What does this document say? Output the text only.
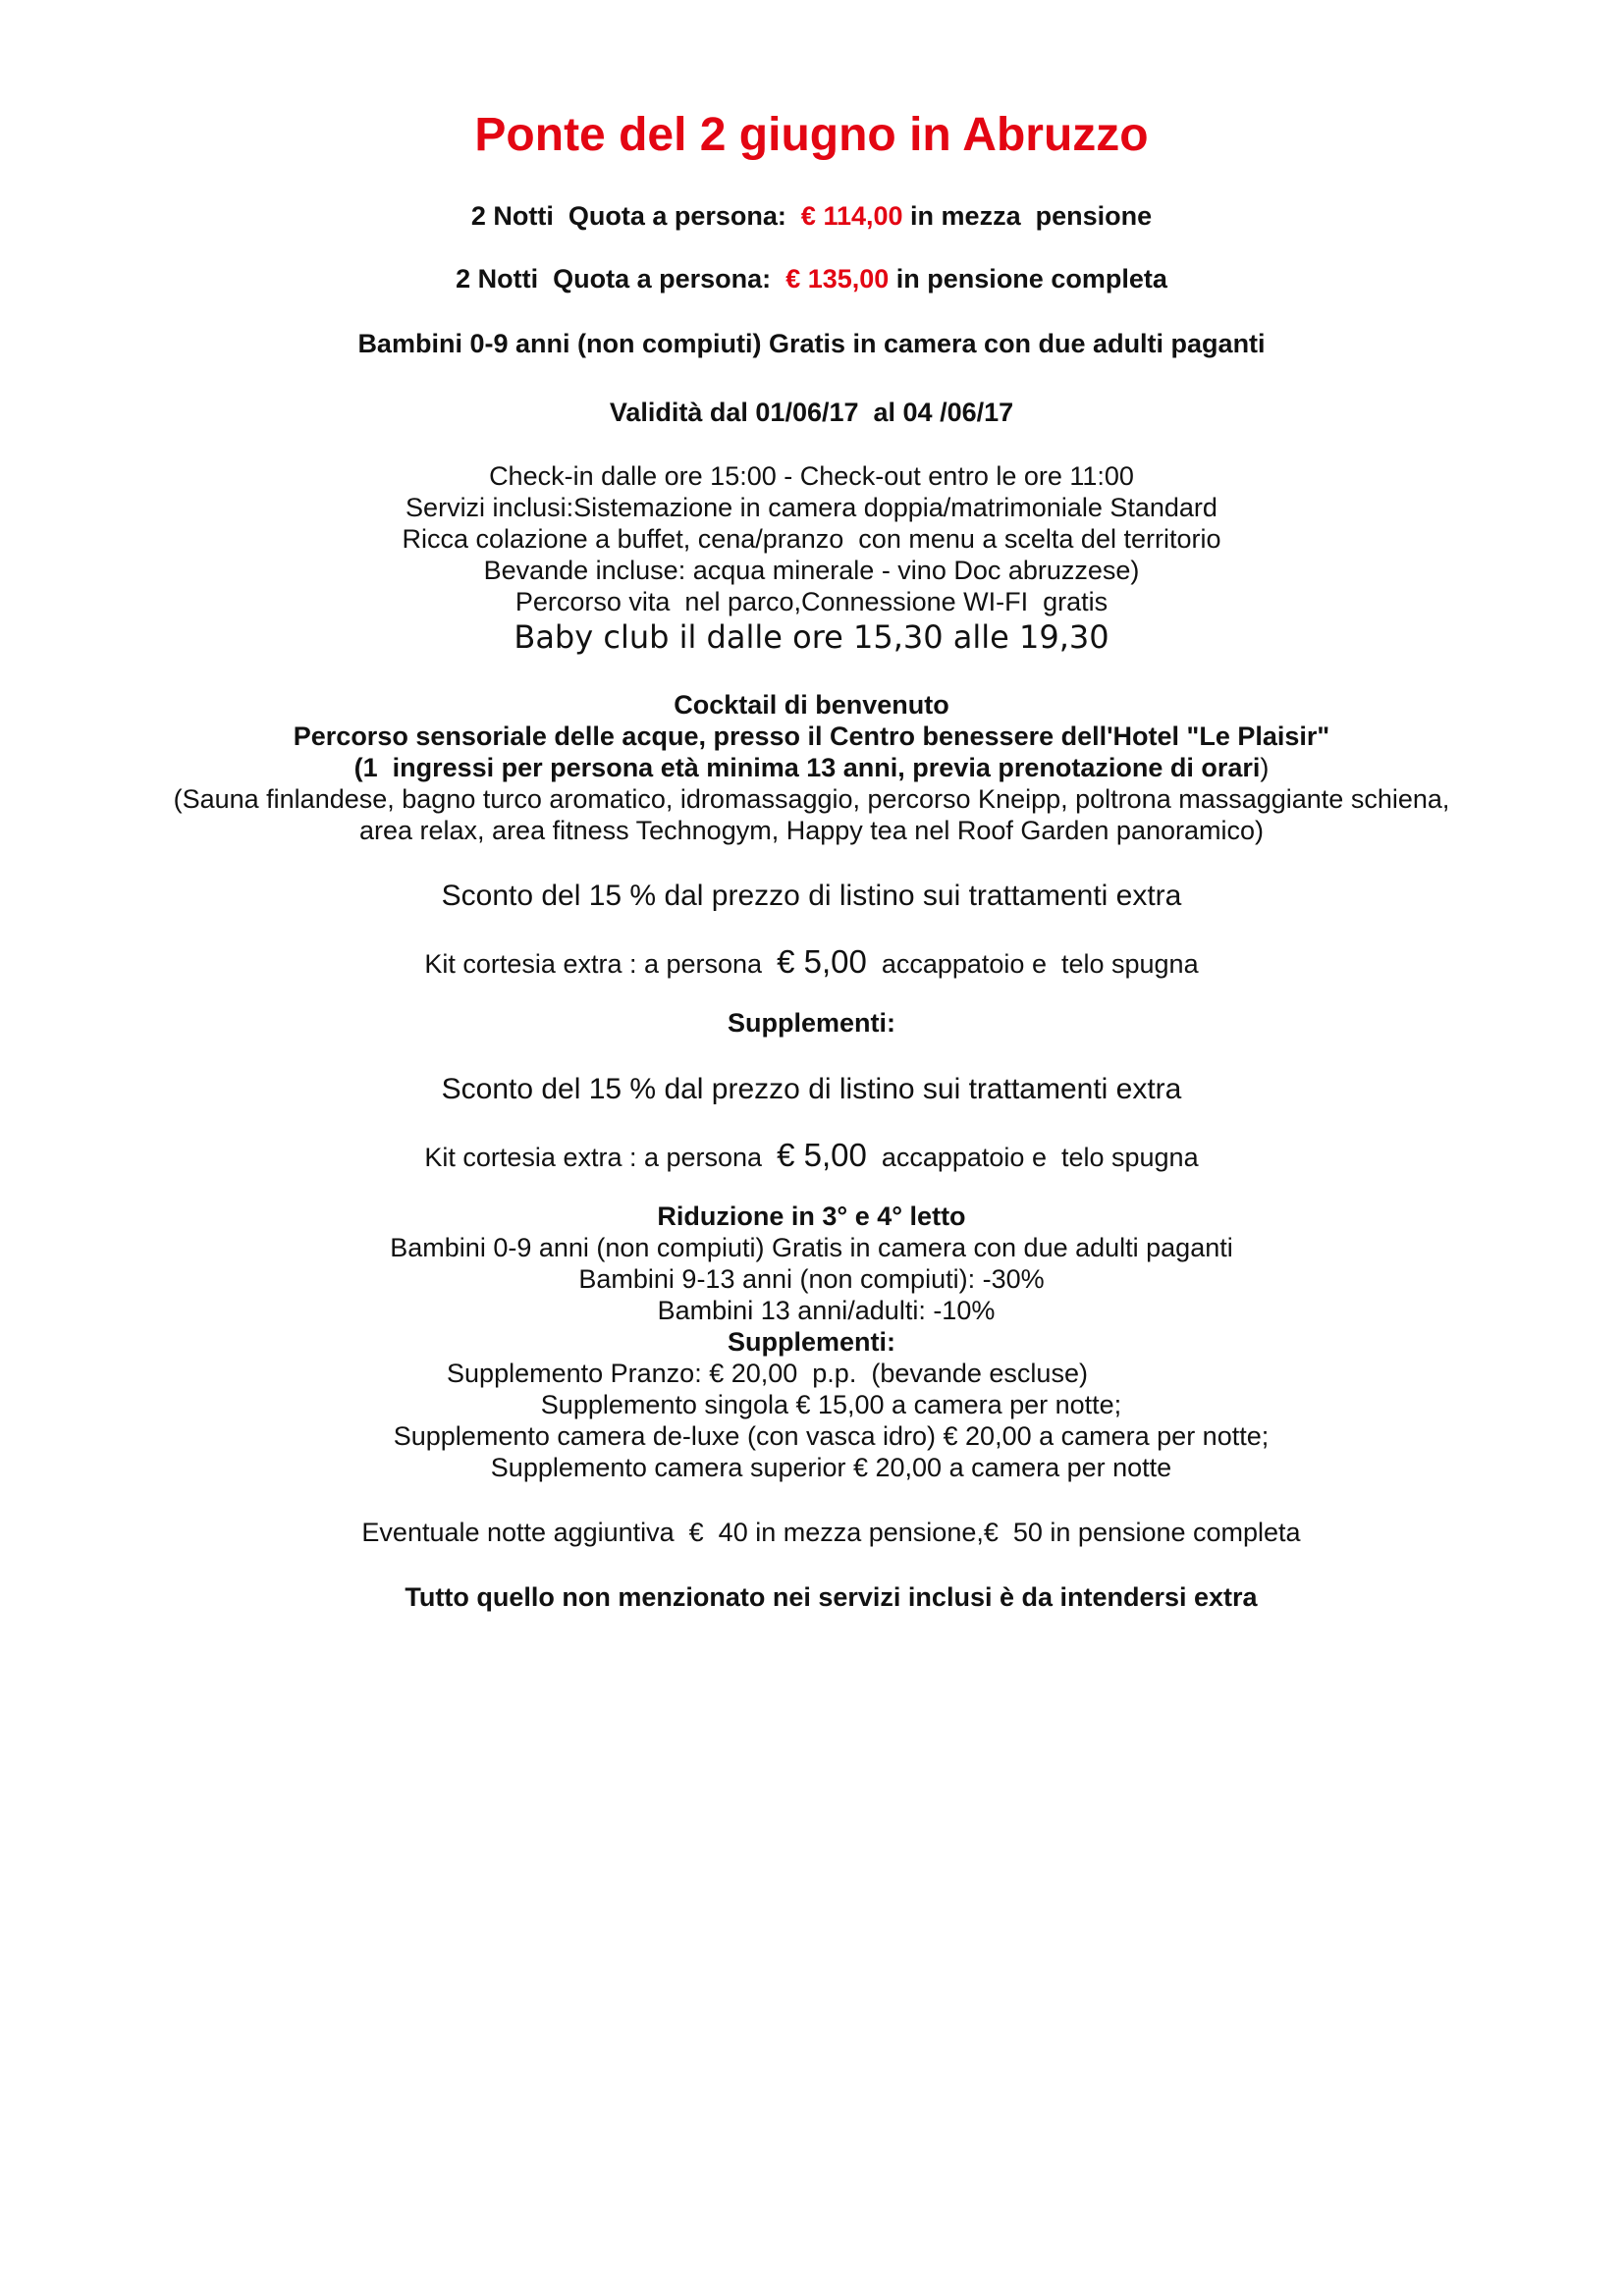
Ponte del 2 giugno in Abruzzo
2 Notti  Quota a persona:  € 114,00 in mezza  pensione
2 Notti  Quota a persona:  € 135,00 in pensione completa
Bambini 0-9 anni (non compiuti) Gratis in camera con due adulti paganti
Validità dal 01/06/17  al 04 /06/17
Check-in dalle ore 15:00 - Check-out entro le ore 11:00
Servizi inclusi:Sistemazione in camera doppia/matrimoniale Standard
Ricca colazione a buffet, cena/pranzo  con menu a scelta del territorio
Bevande incluse: acqua minerale - vino Doc abruzzese)
Percorso vita  nel parco,Connessione WI-FI  gratis
Baby club il dalle ore 15,30 alle 19,30
Cocktail di benvenuto
Percorso sensoriale delle acque, presso il Centro benessere dell'Hotel "Le Plaisir"
(1  ingressi per persona età minima 13 anni, previa prenotazione di orari)
(Sauna finlandese, bagno turco aromatico, idromassaggio, percorso Kneipp, poltrona massaggiante schiena,
area relax, area fitness Technogym, Happy tea nel Roof Garden panoramico)
Sconto del 15 % dal prezzo di listino sui trattamenti extra
Kit cortesia extra : a persona  € 5,00  accappatoio e  telo spugna
Supplementi:
Sconto del 15 % dal prezzo di listino sui trattamenti extra
Kit cortesia extra : a persona  € 5,00  accappatoio e  telo spugna
Riduzione in 3° e 4° letto
Bambini 0-9 anni (non compiuti) Gratis in camera con due adulti paganti
Bambini 9-13 anni (non compiuti): -30%
Bambini 13 anni/adulti: -10%
Supplementi:
Supplemento Pranzo: € 20,00  p.p.  (bevande escluse)
Supplemento singola € 15,00 a camera per notte;
Supplemento camera de-luxe (con vasca idro) € 20,00 a camera per notte;
Supplemento camera superior € 20,00 a camera per notte
Eventuale notte aggiuntiva  €  40 in mezza pensione,€  50 in pensione completa
Tutto quello non menzionato nei servizi inclusi è da intendersi extra
